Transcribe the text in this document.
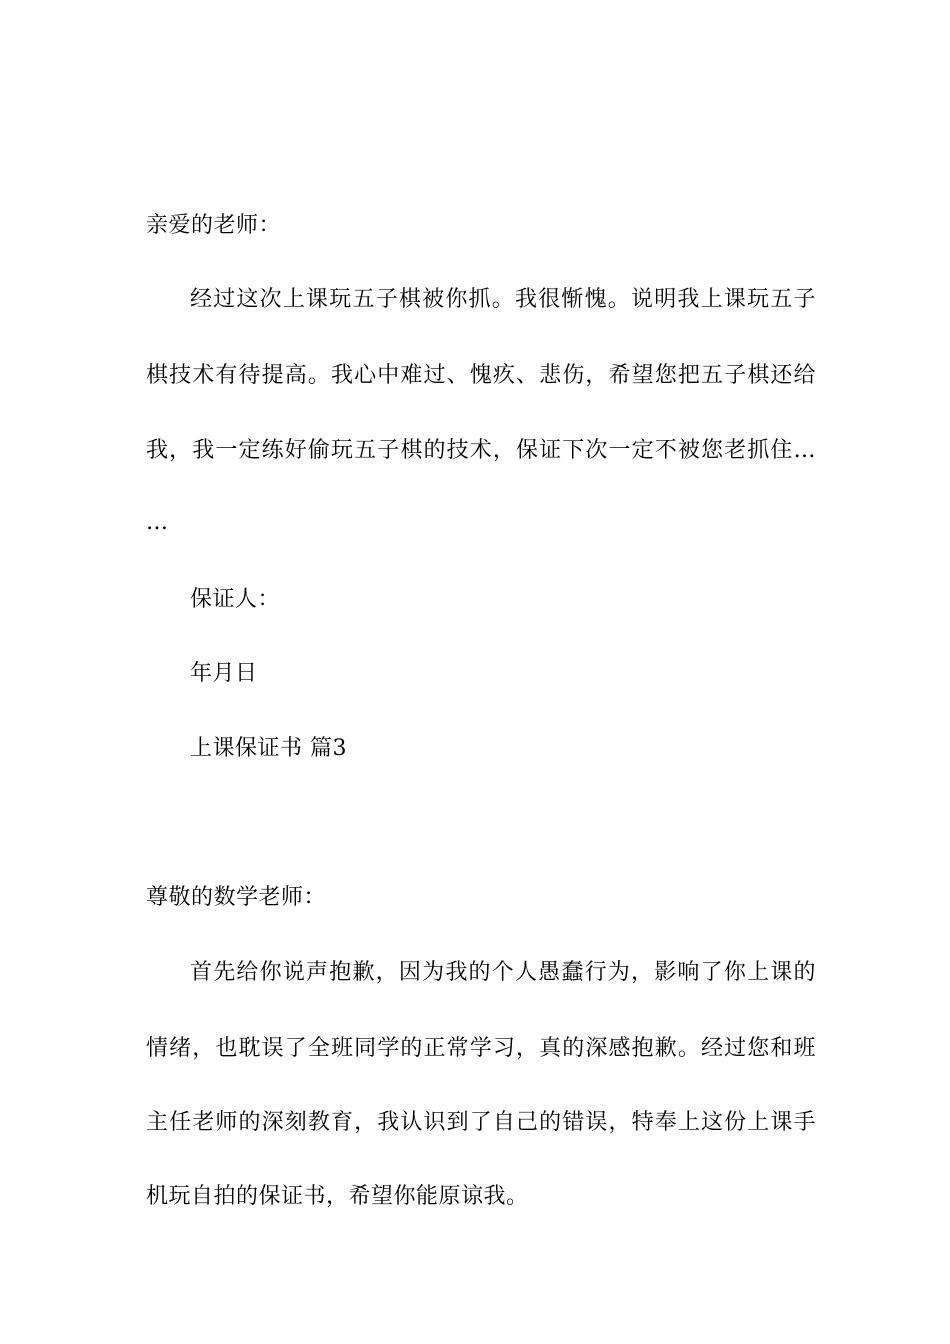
亲爱的老师：
经过这次上课玩五子棋被你抓。我很惭愧。说明我上课玩五子
棋技术有待提高。我心中难过、愧疚、悲伤，希望您把五子棋还给
我，我一定练好偷玩五子棋的技术，保证下次一定不被您老抓住…
…
保证人：
年月日
上课保证书 篇3
尊敬的数学老师：
首先给你说声抱歉，因为我的个人愚蠢行为，影响了你上课的
情绪，也耽误了全班同学的正常学习，真的深感抱歉。经过您和班
主任老师的深刻教育，我认识到了自己的错误，特奉上这份上课手
机玩自拍的保证书，希望你能原谅我。
